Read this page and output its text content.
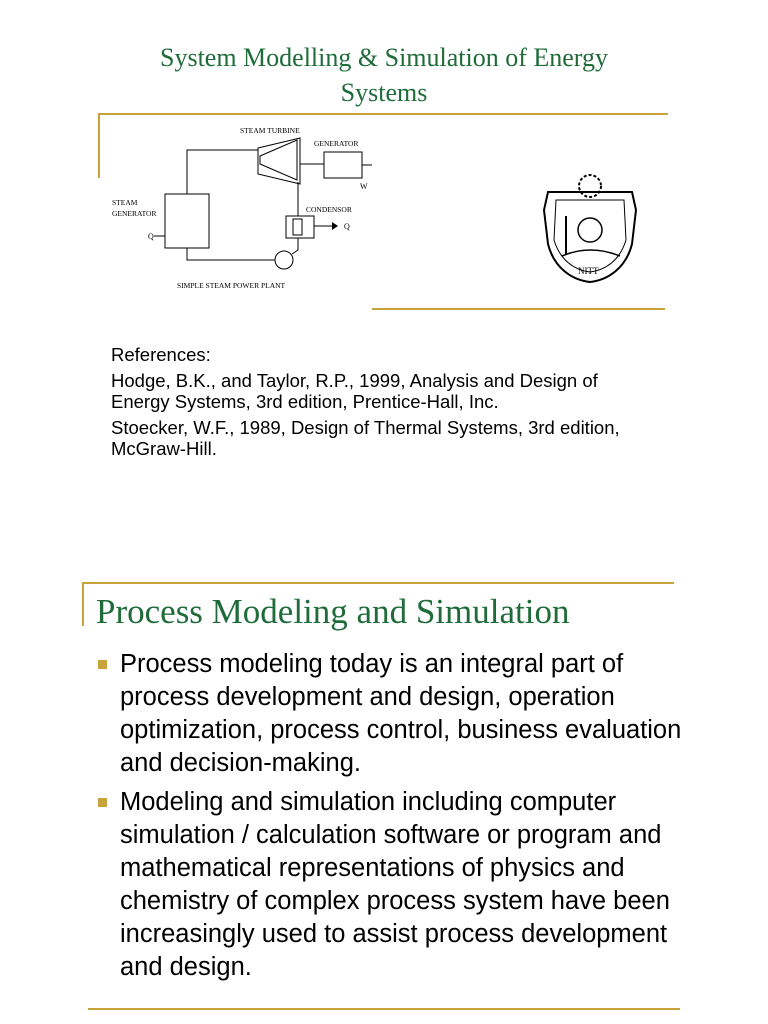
System Modelling & Simulation of Energy Systems
STEAM TURBINE
GENERATOR
W
STEAM
GENERATOR	CONDENSOR
Q
Q
SIMPLE STEAM POWER PLANT
NITT

References:

Hodge, B.K., and Taylor, R.P., 1999, Analysis and Design of Energy Systems, 3rd edition, Prentice-Hall, Inc.

Stoecker, W.F., 1989, Design of Thermal Systems, 3rd edition, McGraw-Hill.

Process Modeling and Simulation
Process modeling today is an integral part of process development and design, operation optimization, process control, business evaluation and decision-making.
Modeling and simulation including computer simulation / calculation software or program and mathematical representations of physics and chemistry of complex process system have been increasingly used to assist process development and design.
